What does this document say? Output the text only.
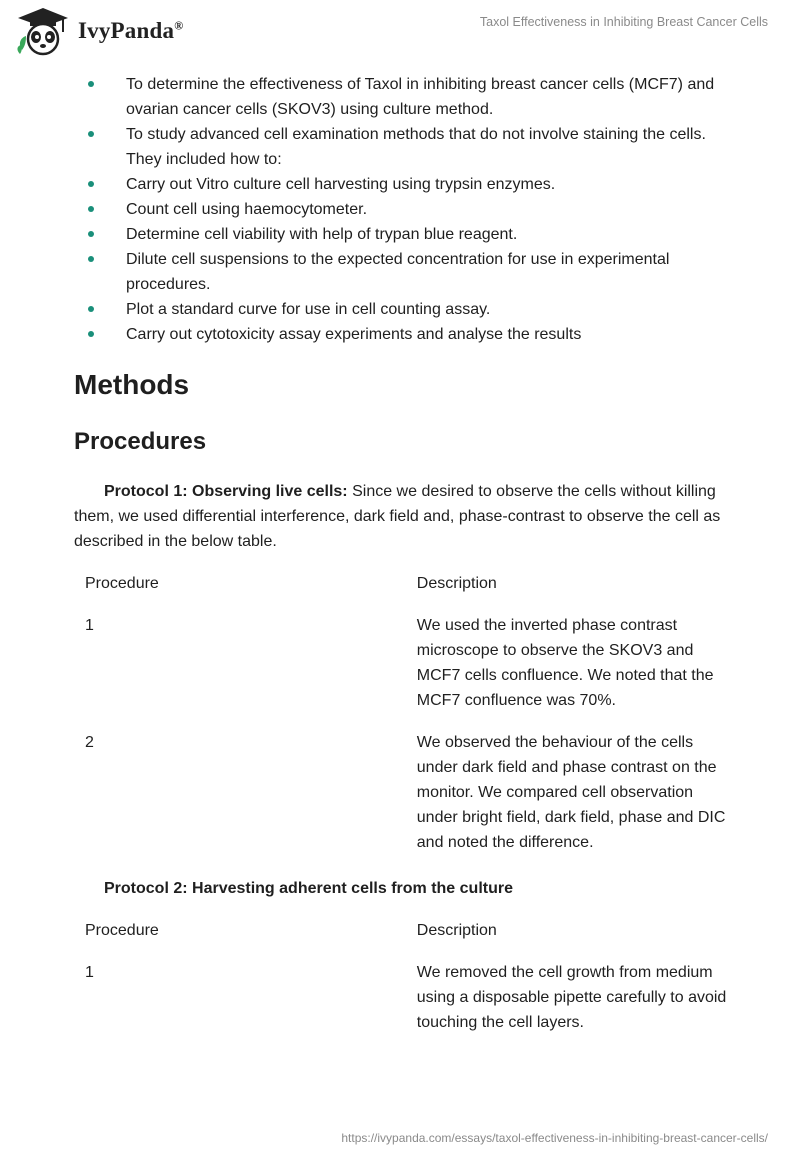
IvyPanda®	Taxol Effectiveness in Inhibiting Breast Cancer Cells
To determine the effectiveness of Taxol in inhibiting breast cancer cells (MCF7) and ovarian cancer cells (SKOV3) using culture method.
To study advanced cell examination methods that do not involve staining the cells. They included how to:
Carry out Vitro culture cell harvesting using trypsin enzymes.
Count cell using haemocytometer.
Determine cell viability with help of trypan blue reagent.
Dilute cell suspensions to the expected concentration for use in experimental procedures.
Plot a standard curve for use in cell counting assay.
Carry out cytotoxicity assay experiments and analyse the results
Methods
Procedures

Protocol 1: Observing live cells: Since we desired to observe the cells without killing them, we used differential interference, dark field and, phase-contrast to observe the cell as described in the below table.

Procedure	Description
1	We used the inverted phase contrast microscope to observe the SKOV3 and MCF7 cells confluence. We noted that the MCF7 confluence was 70%.
2	We observed the behaviour of the cells under dark field and phase contrast on the monitor. We compared cell observation under bright field, dark field, phase and DIC and noted the difference.

Protocol 2: Harvesting adherent cells from the culture

Procedure	Description
1	We removed the cell growth from medium using a disposable pipette carefully to avoid touching the cell layers.
https://ivypanda.com/essays/taxol-effectiveness-in-inhibiting-breast-cancer-cells/
